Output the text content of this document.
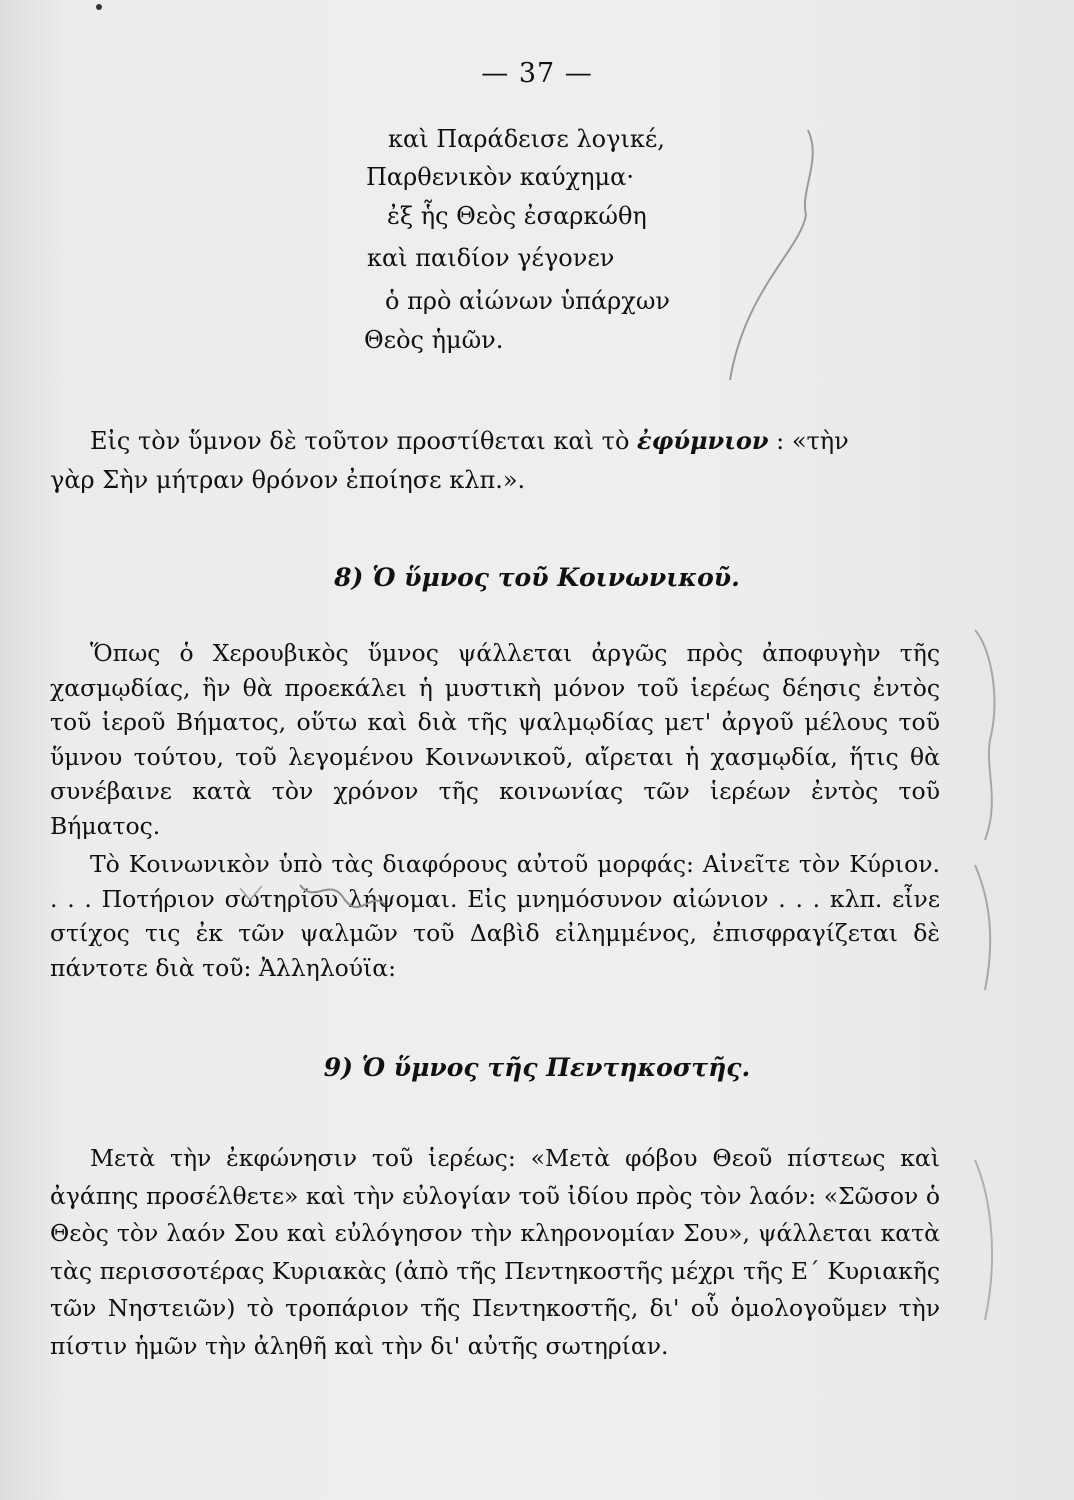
— 37 —
καὶ Παράδεισε λογικέ,
Παρθενικὸν καύχημα·
ἐξ ἧς Θεὸς ἐσαρκώθη
καὶ παιδίον γέγονεν
ὁ πρὸ αἰώνων ὑπάρχων
Θεὸς ἡμῶν.
Εἰς τὸν ὕμνον δὲ τοῦτον προστίθεται καὶ τὸ ἐφύμνιον : «τὴν
γὰρ Σὴν μήτραν θρόνον ἐποίησε κλπ.».
8) Ὁ ὕμνος τοῦ Κοινωνικοῦ.
Ὅπως ὁ Χερουβικὸς ὕμνος ψάλλεται ἀργῶς πρὸς ἀποφυγὴν τῆς χασμῳδίας, ἣν θὰ προεκάλει ἡ μυστικὴ μόνον τοῦ ἱερέως δέησις ἐντὸς τοῦ ἱεροῦ Βήματος, οὕτω καὶ διὰ τῆς ψαλμῳδίας μετ' ἀργοῦ μέλους τοῦ ὕμνου τούτου, τοῦ λεγομένου Κοινωνικοῦ, αἴρεται ἡ χασμῳδία, ἥτις θὰ συνέβαινε κατὰ τὸν χρόνον τῆς κοινωνίας τῶν ἱερέων ἐντὸς τοῦ Βήματος.
Τὸ Κοινωνικὸν ὑπὸ τὰς διαφόρους αὐτοῦ μορφάς: Αἰνεῖτε τὸν Κύριον. . . . Ποτήριον σωτηρίου λήψομαι. Εἰς μνημόσυνον αἰώνιον . . . κλπ. εἶνε στίχος τις ἐκ τῶν ψαλμῶν τοῦ Δαβὶδ εἰλημμένος, ἐπισφραγίζεται δὲ πάντοτε διὰ τοῦ: Ἀλληλούϊα:
9) Ὁ ὕμνος τῆς Πεντηκοστῆς.
Μετὰ τὴν ἐκφώνησιν τοῦ ἱερέως: «Μετὰ φόβου Θεοῦ πίστεως καὶ ἀγάπης προσέλθετε» καὶ τὴν εὐλογίαν τοῦ ἰδίου πρὸς τὸν λαόν: «Σῶσον ὁ Θεὸς τὸν λαόν Σου καὶ εὐλόγησον τὴν κληρονομίαν Σου», ψάλλεται κατὰ τὰς περισσοτέρας Κυριακὰς (ἀπὸ τῆς Πεντηκοστῆς μέχρι τῆς Ε΄ Κυριακῆς τῶν Νηστειῶν) τὸ τροπάριον τῆς Πεντηκοστῆς, δι' οὗ ὁμολογοῦμεν τὴν πίστιν ἡμῶν τὴν ἀληθῆ καὶ τὴν δι' αὐτῆς σωτηρίαν.
